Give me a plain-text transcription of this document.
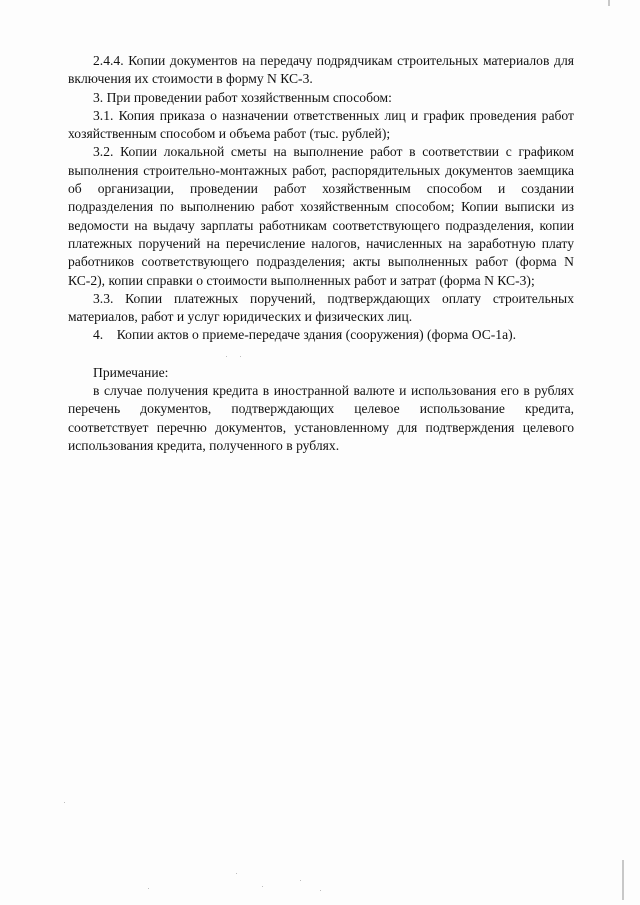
2.4.4. Копии документов на передачу подрядчикам строительных материалов для включения их стоимости в форму N КС-3.

3. При проведении работ хозяйственным способом:

3.1. Копия приказа о назначении ответственных лиц и график проведения работ хозяйственным способом и объема работ (тыс. рублей);

3.2. Копии локальной сметы на выполнение работ в соответствии с графиком выполнения строительно-монтажных работ, распорядительных документов заемщика об организации, проведении работ хозяйственным способом и создании подразделения по выполнению работ хозяйственным способом; Копии выписки из ведомости на выдачу зарплаты работникам соответствующего подразделения, копии платежных поручений на перечисление налогов, начисленных на заработную плату работников соответствующего подразделения; акты выполненных работ (форма N КС-2), копии справки о стоимости выполненных работ и затрат (форма N КС-3);

3.3. Копии платежных поручений, подтверждающих оплату строительных материалов, работ и услуг юридических и физических лиц.

4.    Копии актов о приеме-передаче здания (сооружения) (форма ОС-1а).

Примечание:

в случае получения кредита в иностранной валюте и использования его в рублях перечень документов, подтверждающих целевое использование кредита, соответствует перечню документов, установленному для подтверждения целевого использования кредита, полученного в рублях.
